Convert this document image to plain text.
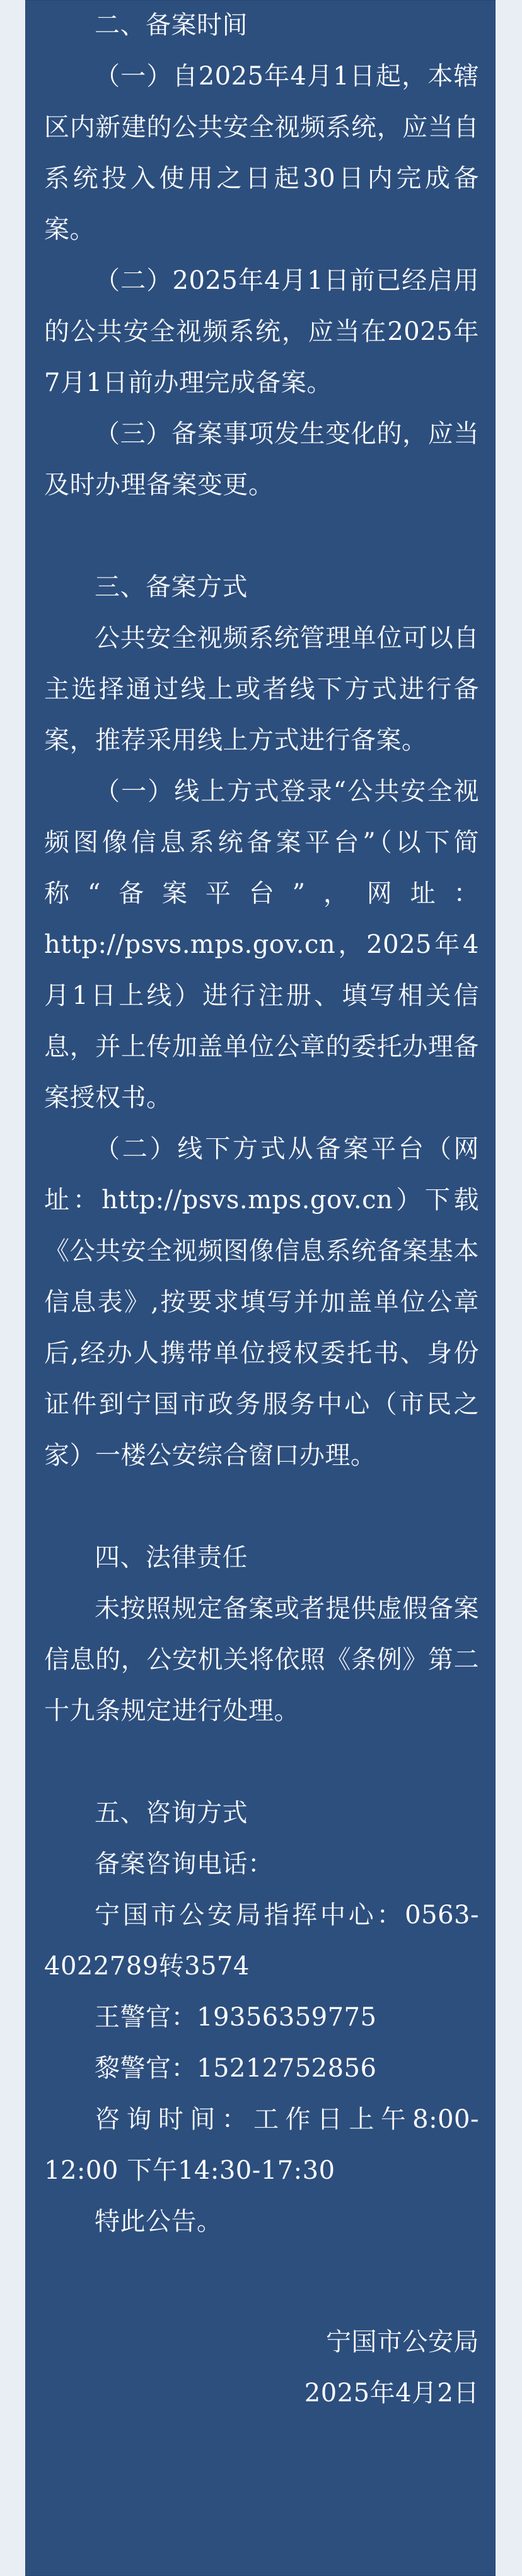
二、备案时间

（一）自2025年4月1日起，本辖区内新建的公共安全视频系统，应当自系统投入使用之日起30日内完成备案。

（二）2025年4月1日前已经启用的公共安全视频系统，应当在2025年7月1日前办理完成备案。

（三）备案事项发生变化的，应当及时办理备案变更。

三、备案方式

公共安全视频系统管理单位可以自主选择通过线上或者线下方式进行备案，推荐采用线上方式进行备案。

（一）线上方式登录“公共安全视频图像信息系统备案平台”（以下简称“备案平台”，网址：http://psvs.mps.gov.cn，2025年4月1日上线）进行注册、填写相关信息，并上传加盖单位公章的委托办理备案授权书。

（二）线下方式从备案平台（网址：http://psvs.mps.gov.cn）下载《公共安全视频图像信息系统备案基本信息表》,按要求填写并加盖单位公章后,经办人携带单位授权委托书、身份证件到宁国市政务服务中心（市民之家）一楼公安综合窗口办理。

四、法律责任

未按照规定备案或者提供虚假备案信息的，公安机关将依照《条例》第二十九条规定进行处理。

五、咨询方式

备案咨询电话：

宁国市公安局指挥中心：0563-4022789转3574

王警官：19356359775

黎警官：15212752856

咨询时间：工作日上午8:00-12:00 下午14:30-17:30

特此公告。

宁国市公安局

2025年4月2日
